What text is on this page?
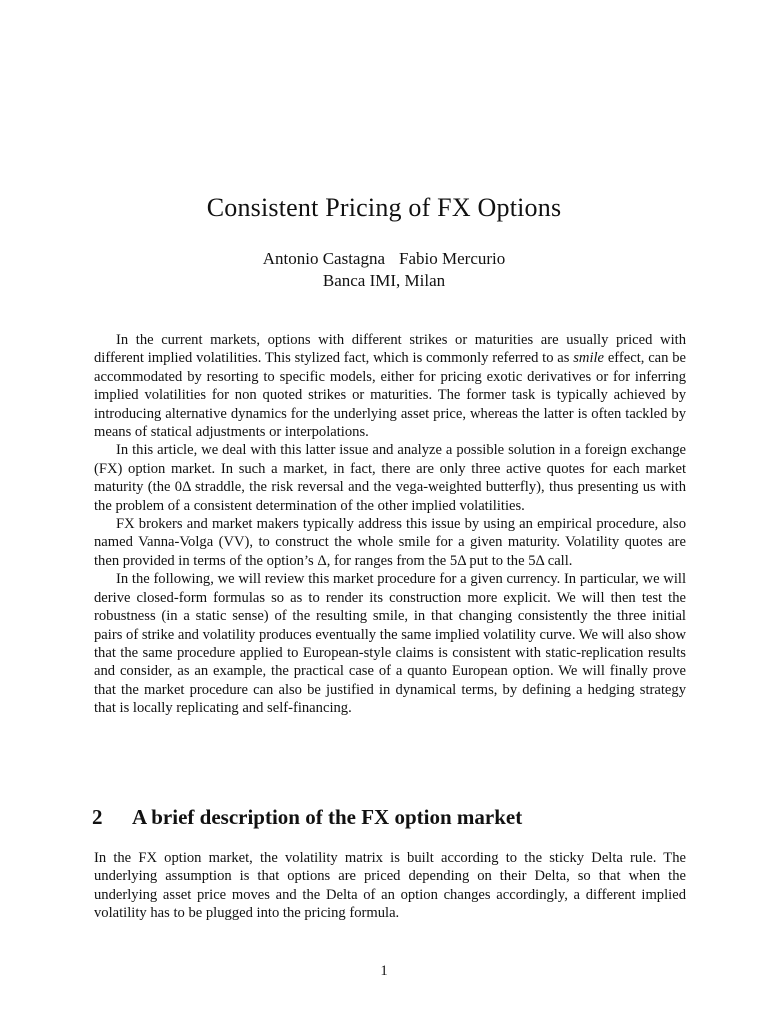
Consistent Pricing of FX Options
Antonio Castagna Fabio Mercurio
Banca IMI, Milan

In the current markets, options with different strikes or maturities are usually priced with different implied volatilities. This stylized fact, which is commonly referred to as smile effect, can be accommodated by resorting to specific models, either for pricing exotic derivatives or for inferring implied volatilities for non quoted strikes or maturities. The former task is typically achieved by introducing alternative dynamics for the underlying asset price, whereas the latter is often tackled by means of statical adjustments or interpolations.

In this article, we deal with this latter issue and analyze a possible solution in a foreign exchange (FX) option market. In such a market, in fact, there are only three active quotes for each market maturity (the 0Δ straddle, the risk reversal and the vega-weighted butterfly), thus presenting us with the problem of a consistent determination of the other implied volatilities.

FX brokers and market makers typically address this issue by using an empirical procedure, also named Vanna-Volga (VV), to construct the whole smile for a given maturity. Volatility quotes are then provided in terms of the option’s Δ, for ranges from the 5Δ put to the 5Δ call.

In the following, we will review this market procedure for a given currency. In particular, we will derive closed-form formulas so as to render its construction more explicit. We will then test the robustness (in a static sense) of the resulting smile, in that changing consistently the three initial pairs of strike and volatility produces eventually the same implied volatility curve. We will also show that the same procedure applied to European-style claims is consistent with static-replication results and consider, as an example, the practical case of a quanto European option. We will finally prove that the market procedure can also be justified in dynamical terms, by defining a hedging strategy that is locally replicating and self-financing.

2 A brief description of the FX option market

In the FX option market, the volatility matrix is built according to the sticky Delta rule. The underlying assumption is that options are priced depending on their Delta, so that when the underlying asset price moves and the Delta of an option changes accordingly, a different implied volatility has to be plugged into the pricing formula.

1
